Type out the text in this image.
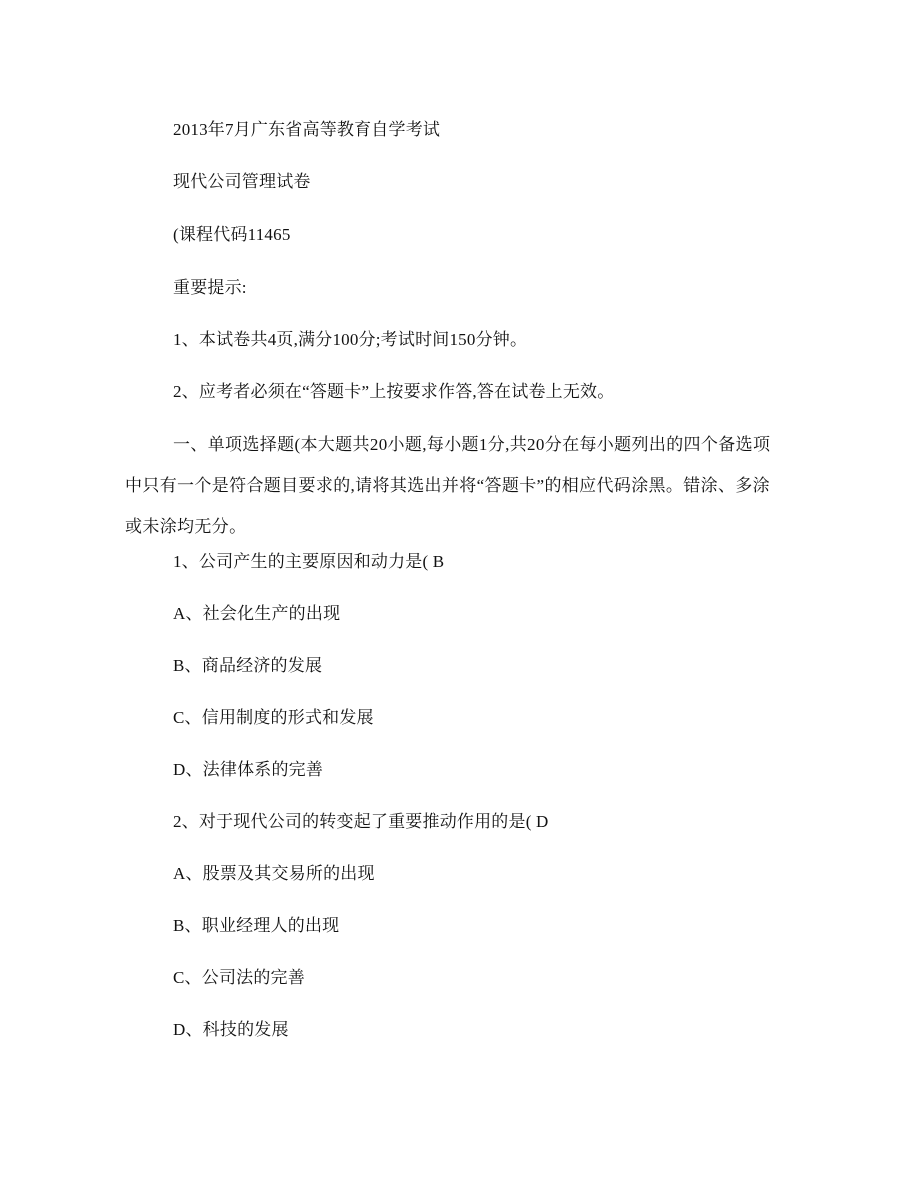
2013年7月广东省高等教育自学考试
现代公司管理试卷
(课程代码11465
重要提示:
1、本试卷共4页,满分100分;考试时间150分钟。
2、应考者必须在“答题卡”上按要求作答,答在试卷上无效。
一、单项选择题(本大题共20小题,每小题1分,共20分在每小题列出的四个备选项中只有一个是符合题目要求的,请将其选出并将“答题卡”的相应代码涂黑。错涂、多涂或未涂均无分。
1、公司产生的主要原因和动力是( B
A、社会化生产的出现
B、商品经济的发展
C、信用制度的形式和发展
D、法律体系的完善
2、对于现代公司的转变起了重要推动作用的是( D
A、股票及其交易所的出现
B、职业经理人的出现
C、公司法的完善
D、科技的发展
